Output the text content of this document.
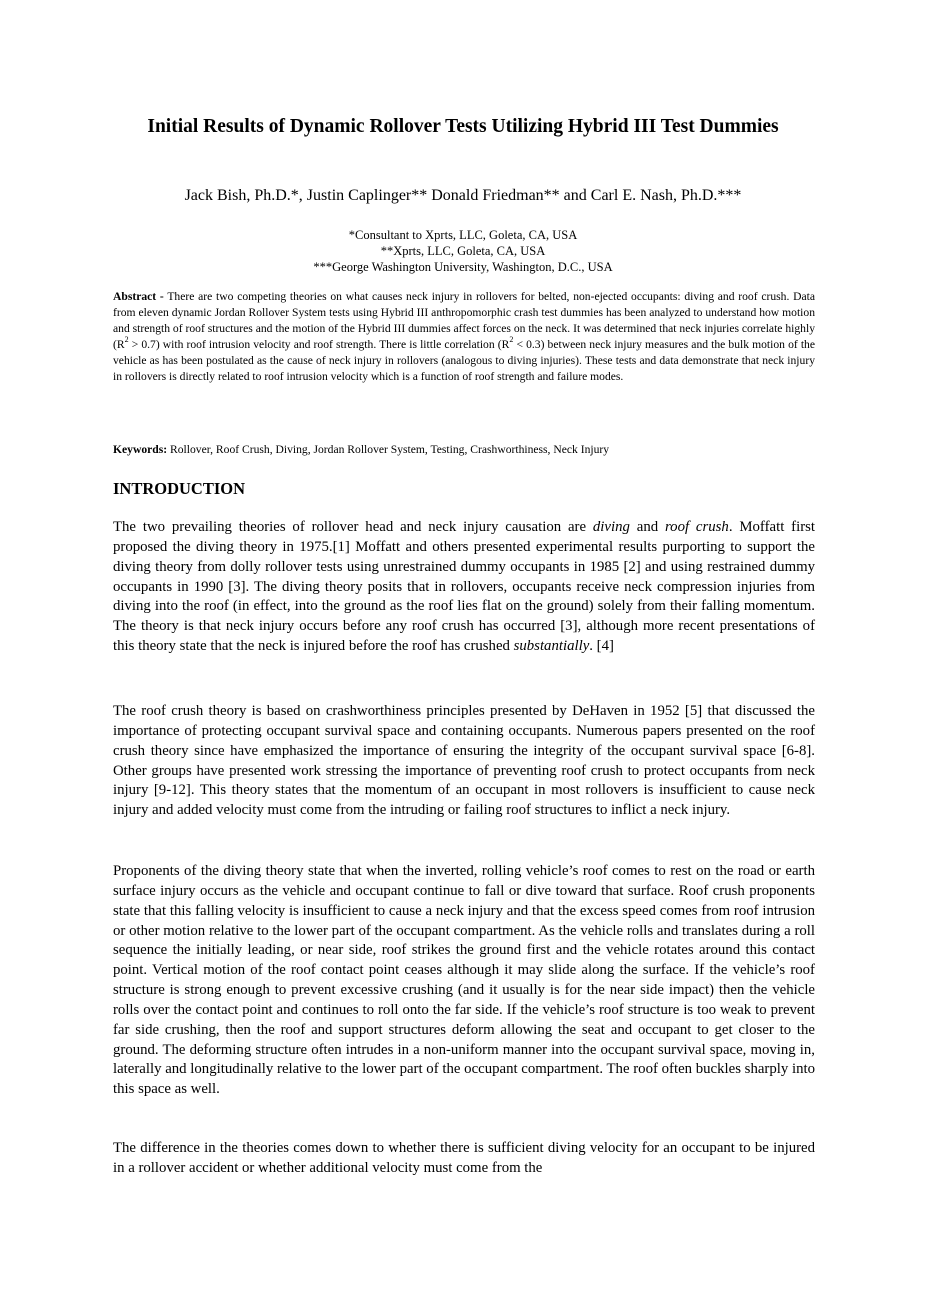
Initial Results of Dynamic Rollover Tests Utilizing Hybrid III Test Dummies
Jack Bish, Ph.D.*, Justin Caplinger** Donald Friedman** and Carl E. Nash, Ph.D.***
*Consultant to Xprts, LLC, Goleta, CA, USA
**Xprts, LLC, Goleta, CA, USA
***George Washington University, Washington, D.C., USA
Abstract - There are two competing theories on what causes neck injury in rollovers for belted, non-ejected occupants: diving and roof crush. Data from eleven dynamic Jordan Rollover System tests using Hybrid III anthropomorphic crash test dummies has been analyzed to understand how motion and strength of roof structures and the motion of the Hybrid III dummies affect forces on the neck. It was determined that neck injuries correlate highly $(R^2 > 0.7)$ with roof intrusion velocity and roof strength. There is little correlation $(R^2 < 0.3)$ between neck injury measures and the bulk motion of the vehicle as has been postulated as the cause of neck injury in rollovers (analogous to diving injuries). These tests and data demonstrate that neck injury in rollovers is directly related to roof intrusion velocity which is a function of roof strength and failure modes.
Keywords: Rollover, Roof Crush, Diving, Jordan Rollover System, Testing, Crashworthiness, Neck Injury
INTRODUCTION
The two prevailing theories of rollover head and neck injury causation are diving and roof crush. Moffatt first proposed the diving theory in 1975.[1] Moffatt and others presented experimental results purporting to support the diving theory from dolly rollover tests using unrestrained dummy occupants in 1985 [2] and using restrained dummy occupants in 1990 [3]. The diving theory posits that in rollovers, occupants receive neck compression injuries from diving into the roof (in effect, into the ground as the roof lies flat on the ground) solely from their falling momentum. The theory is that neck injury occurs before any roof crush has occurred [3], although more recent presentations of this theory state that the neck is injured before the roof has crushed substantially. [4]
The roof crush theory is based on crashworthiness principles presented by DeHaven in 1952 [5] that discussed the importance of protecting occupant survival space and containing occupants. Numerous papers presented on the roof crush theory since have emphasized the importance of ensuring the integrity of the occupant survival space [6-8]. Other groups have presented work stressing the importance of preventing roof crush to protect occupants from neck injury [9-12]. This theory states that the momentum of an occupant in most rollovers is insufficient to cause neck injury and added velocity must come from the intruding or failing roof structures to inflict a neck injury.
Proponents of the diving theory state that when the inverted, rolling vehicle’s roof comes to rest on the road or earth surface injury occurs as the vehicle and occupant continue to fall or dive toward that surface. Roof crush proponents state that this falling velocity is insufficient to cause a neck injury and that the excess speed comes from roof intrusion or other motion relative to the lower part of the occupant compartment. As the vehicle rolls and translates during a roll sequence the initially leading, or near side, roof strikes the ground first and the vehicle rotates around this contact point. Vertical motion of the roof contact point ceases although it may slide along the surface. If the vehicle’s roof structure is strong enough to prevent excessive crushing (and it usually is for the near side impact) then the vehicle rolls over the contact point and continues to roll onto the far side. If the vehicle’s roof structure is too weak to prevent far side crushing, then the roof and support structures deform allowing the seat and occupant to get closer to the ground. The deforming structure often intrudes in a non-uniform manner into the occupant survival space, moving in, laterally and longitudinally relative to the lower part of the occupant compartment. The roof often buckles sharply into this space as well.
The difference in the theories comes down to whether there is sufficient diving velocity for an occupant to be injured in a rollover accident or whether additional velocity must come from the
